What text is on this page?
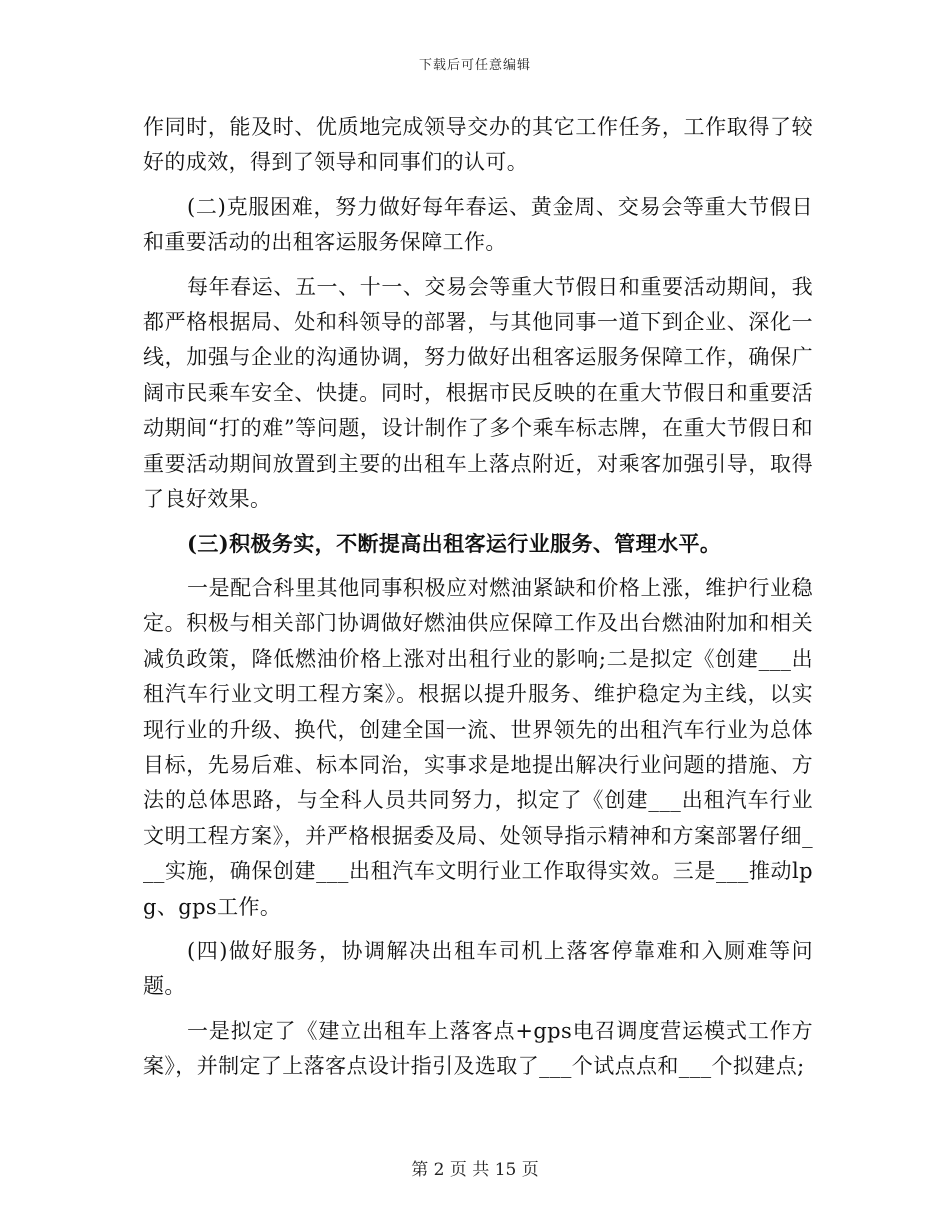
下载后可任意编辑

作同时，能及时、优质地完成领导交办的其它工作任务，工作取得了较好的成效，得到了领导和同事们的认可。

(二)克服困难，努力做好每年春运、黄金周、交易会等重大节假日和重要活动的出租客运服务保障工作。

每年春运、五一、十一、交易会等重大节假日和重要活动期间，我都严格根据局、处和科领导的部署，与其他同事一道下到企业、深化一线，加强与企业的沟通协调，努力做好出租客运服务保障工作，确保广阔市民乘车安全、快捷。同时，根据市民反映的在重大节假日和重要活动期间“打的难”等问题，设计制作了多个乘车标志牌，在重大节假日和重要活动期间放置到主要的出租车上落点附近，对乘客加强引导，取得了良好效果。

(三)积极务实，不断提高出租客运行业服务、管理水平。

一是配合科里其他同事积极应对燃油紧缺和价格上涨，维护行业稳定。积极与相关部门协调做好燃油供应保障工作及出台燃油附加和相关减负政策，降低燃油价格上涨对出租行业的影响;二是拟定《创建___出租汽车行业文明工程方案》。根据以提升服务、维护稳定为主线，以实现行业的升级、换代，创建全国一流、世界领先的出租汽车行业为总体目标，先易后难、标本同治，实事求是地提出解决行业问题的措施、方法的总体思路，与全科人员共同努力，拟定了《创建___出租汽车行业文明工程方案》，并严格根据委及局、处领导指示精神和方案部署仔细___实施，确保创建___出租汽车文明行业工作取得实效。三是___推动lpg、gps工作。

(四)做好服务，协调解决出租车司机上落客停靠难和入厕难等问题。

一是拟定了《建立出租车上落客点+gps电召调度营运模式工作方案》，并制定了上落客点设计指引及选取了___个试点点和___个拟建点;

第 2 页 共 15 页
